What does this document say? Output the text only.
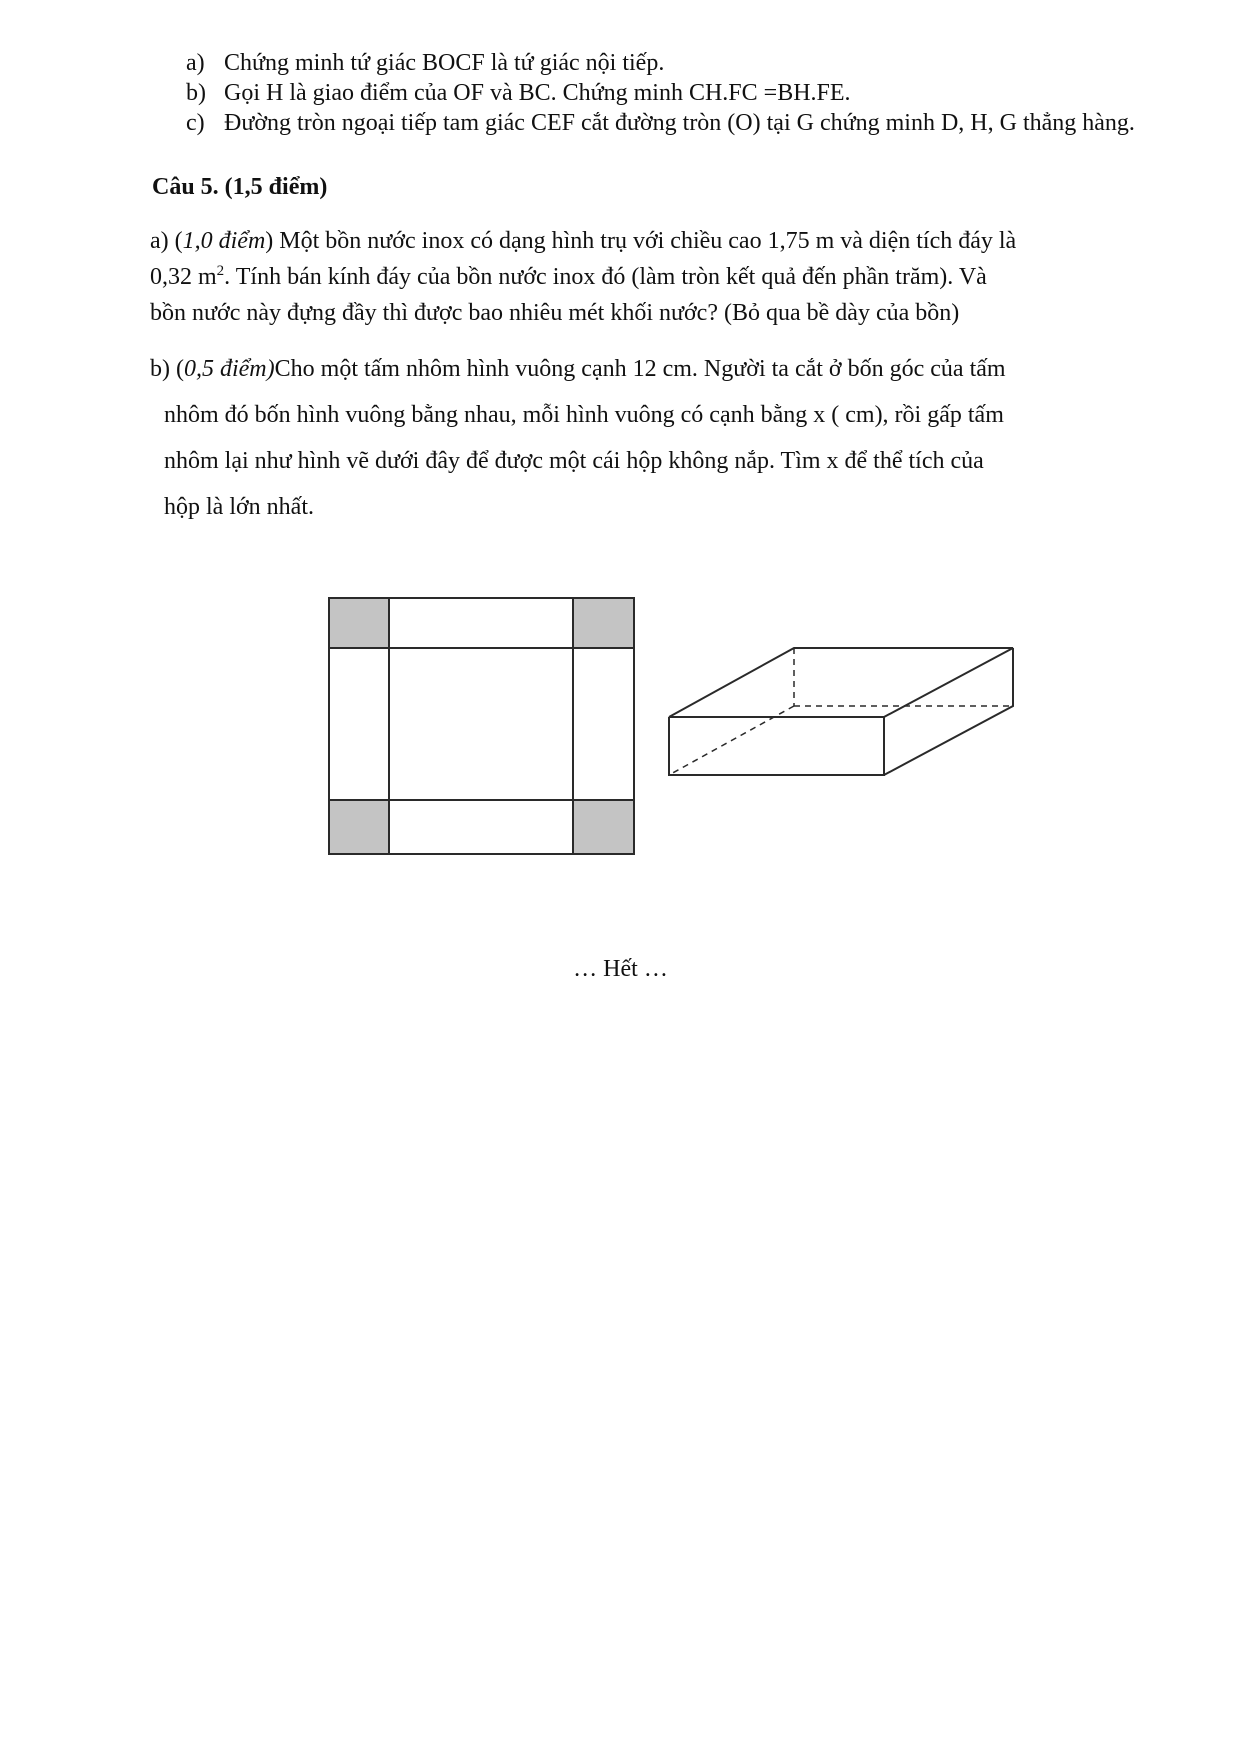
a) Chứng minh tứ giác BOCF là tứ giác nội tiếp.
b) Gọi H là giao điểm của OF và BC. Chứng minh CH.FC =BH.FE.
c) Đường tròn ngoại tiếp tam giác CEF cắt đường tròn (O) tại G chứng minh D, H, G thẳng hàng.
Câu 5. (1,5 điểm)
a) (1,0 điểm) Một bồn nước inox có dạng hình trụ với chiều cao 1,75 m và diện tích đáy là
0,32 $m^2$. Tính bán kính đáy của bồn nước inox đó (làm tròn kết quả đến phần trăm). Và
bồn nước này đựng đầy thì được bao nhiêu mét khối nước? (Bỏ qua bề dày của bồn)
b) (0,5 điểm)Cho một tấm nhôm hình vuông cạnh 12 cm. Người ta cắt ở bốn góc của tấm
nhôm đó bốn hình vuông bằng nhau, mỗi hình vuông có cạnh bằng x ( cm), rồi gấp tấm
nhôm lại như hình vẽ dưới đây để được một cái hộp không nắp. Tìm x để thể tích của
hộp là lớn nhất.
… Hết …
